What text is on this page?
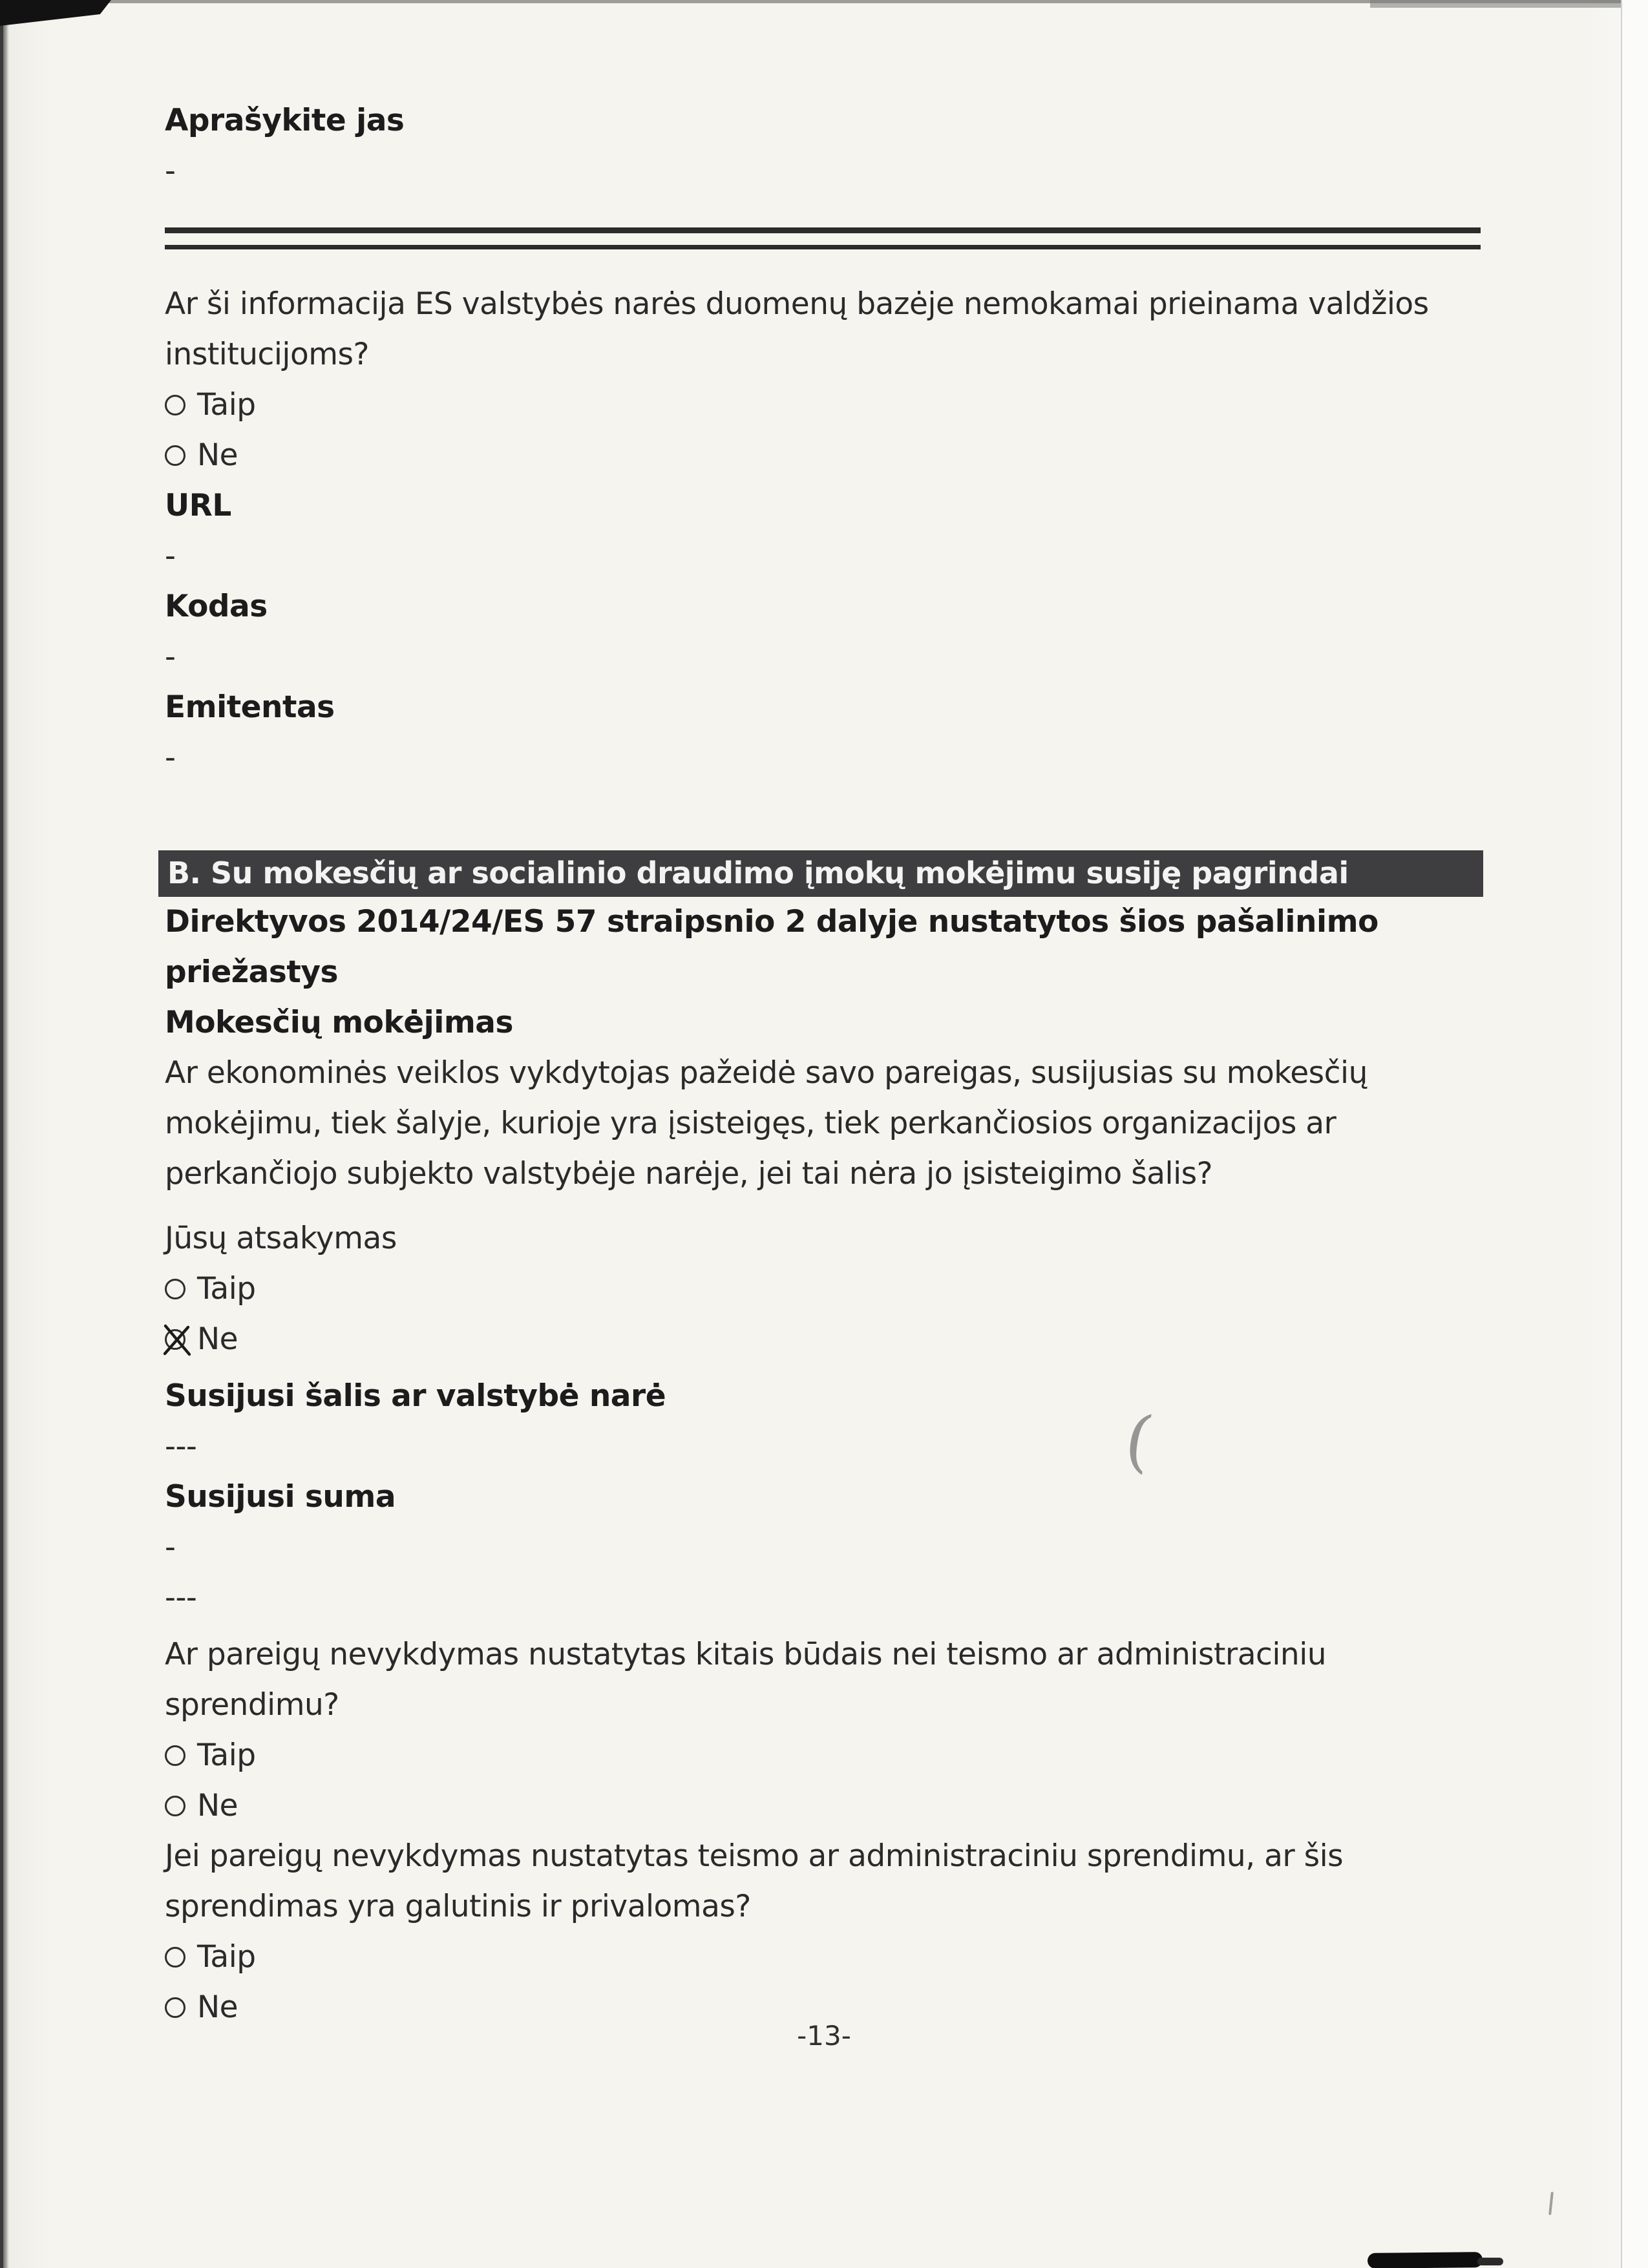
(

Aprašykite jas

-

Ar ši informacija ES valstybės narės duomenų bazėje nemokamai prieinama valdžios institucijoms?

Taip
Ne

URL

-

Kodas

-

Emitentas

-

B. Su mokesčių ar socialinio draudimo įmokų mokėjimu susiję pagrindai

Direktyvos 2014/24/ES 57 straipsnio 2 dalyje nustatytos šios pašalinimo priežastys

Mokesčių mokėjimas

Ar ekonominės veiklos vykdytojas pažeidė savo pareigas, susijusias su mokesčių mokėjimu, tiek šalyje, kurioje yra įsisteigęs, tiek perkančiosios organizacijos ar perkančiojo subjekto valstybėje narėje, jei tai nėra jo įsisteigimo šalis?

Jūsų atsakymas

Taip
Ne

Susijusi šalis ar valstybė narė

---

Susijusi suma

-

---

Ar pareigų nevykdymas nustatytas kitais būdais nei teismo ar administraciniu sprendimu?

Taip
Ne

Jei pareigų nevykdymas nustatytas teismo ar administraciniu sprendimu, ar šis sprendimas yra galutinis ir privalomas?

Taip
Ne
-13-
